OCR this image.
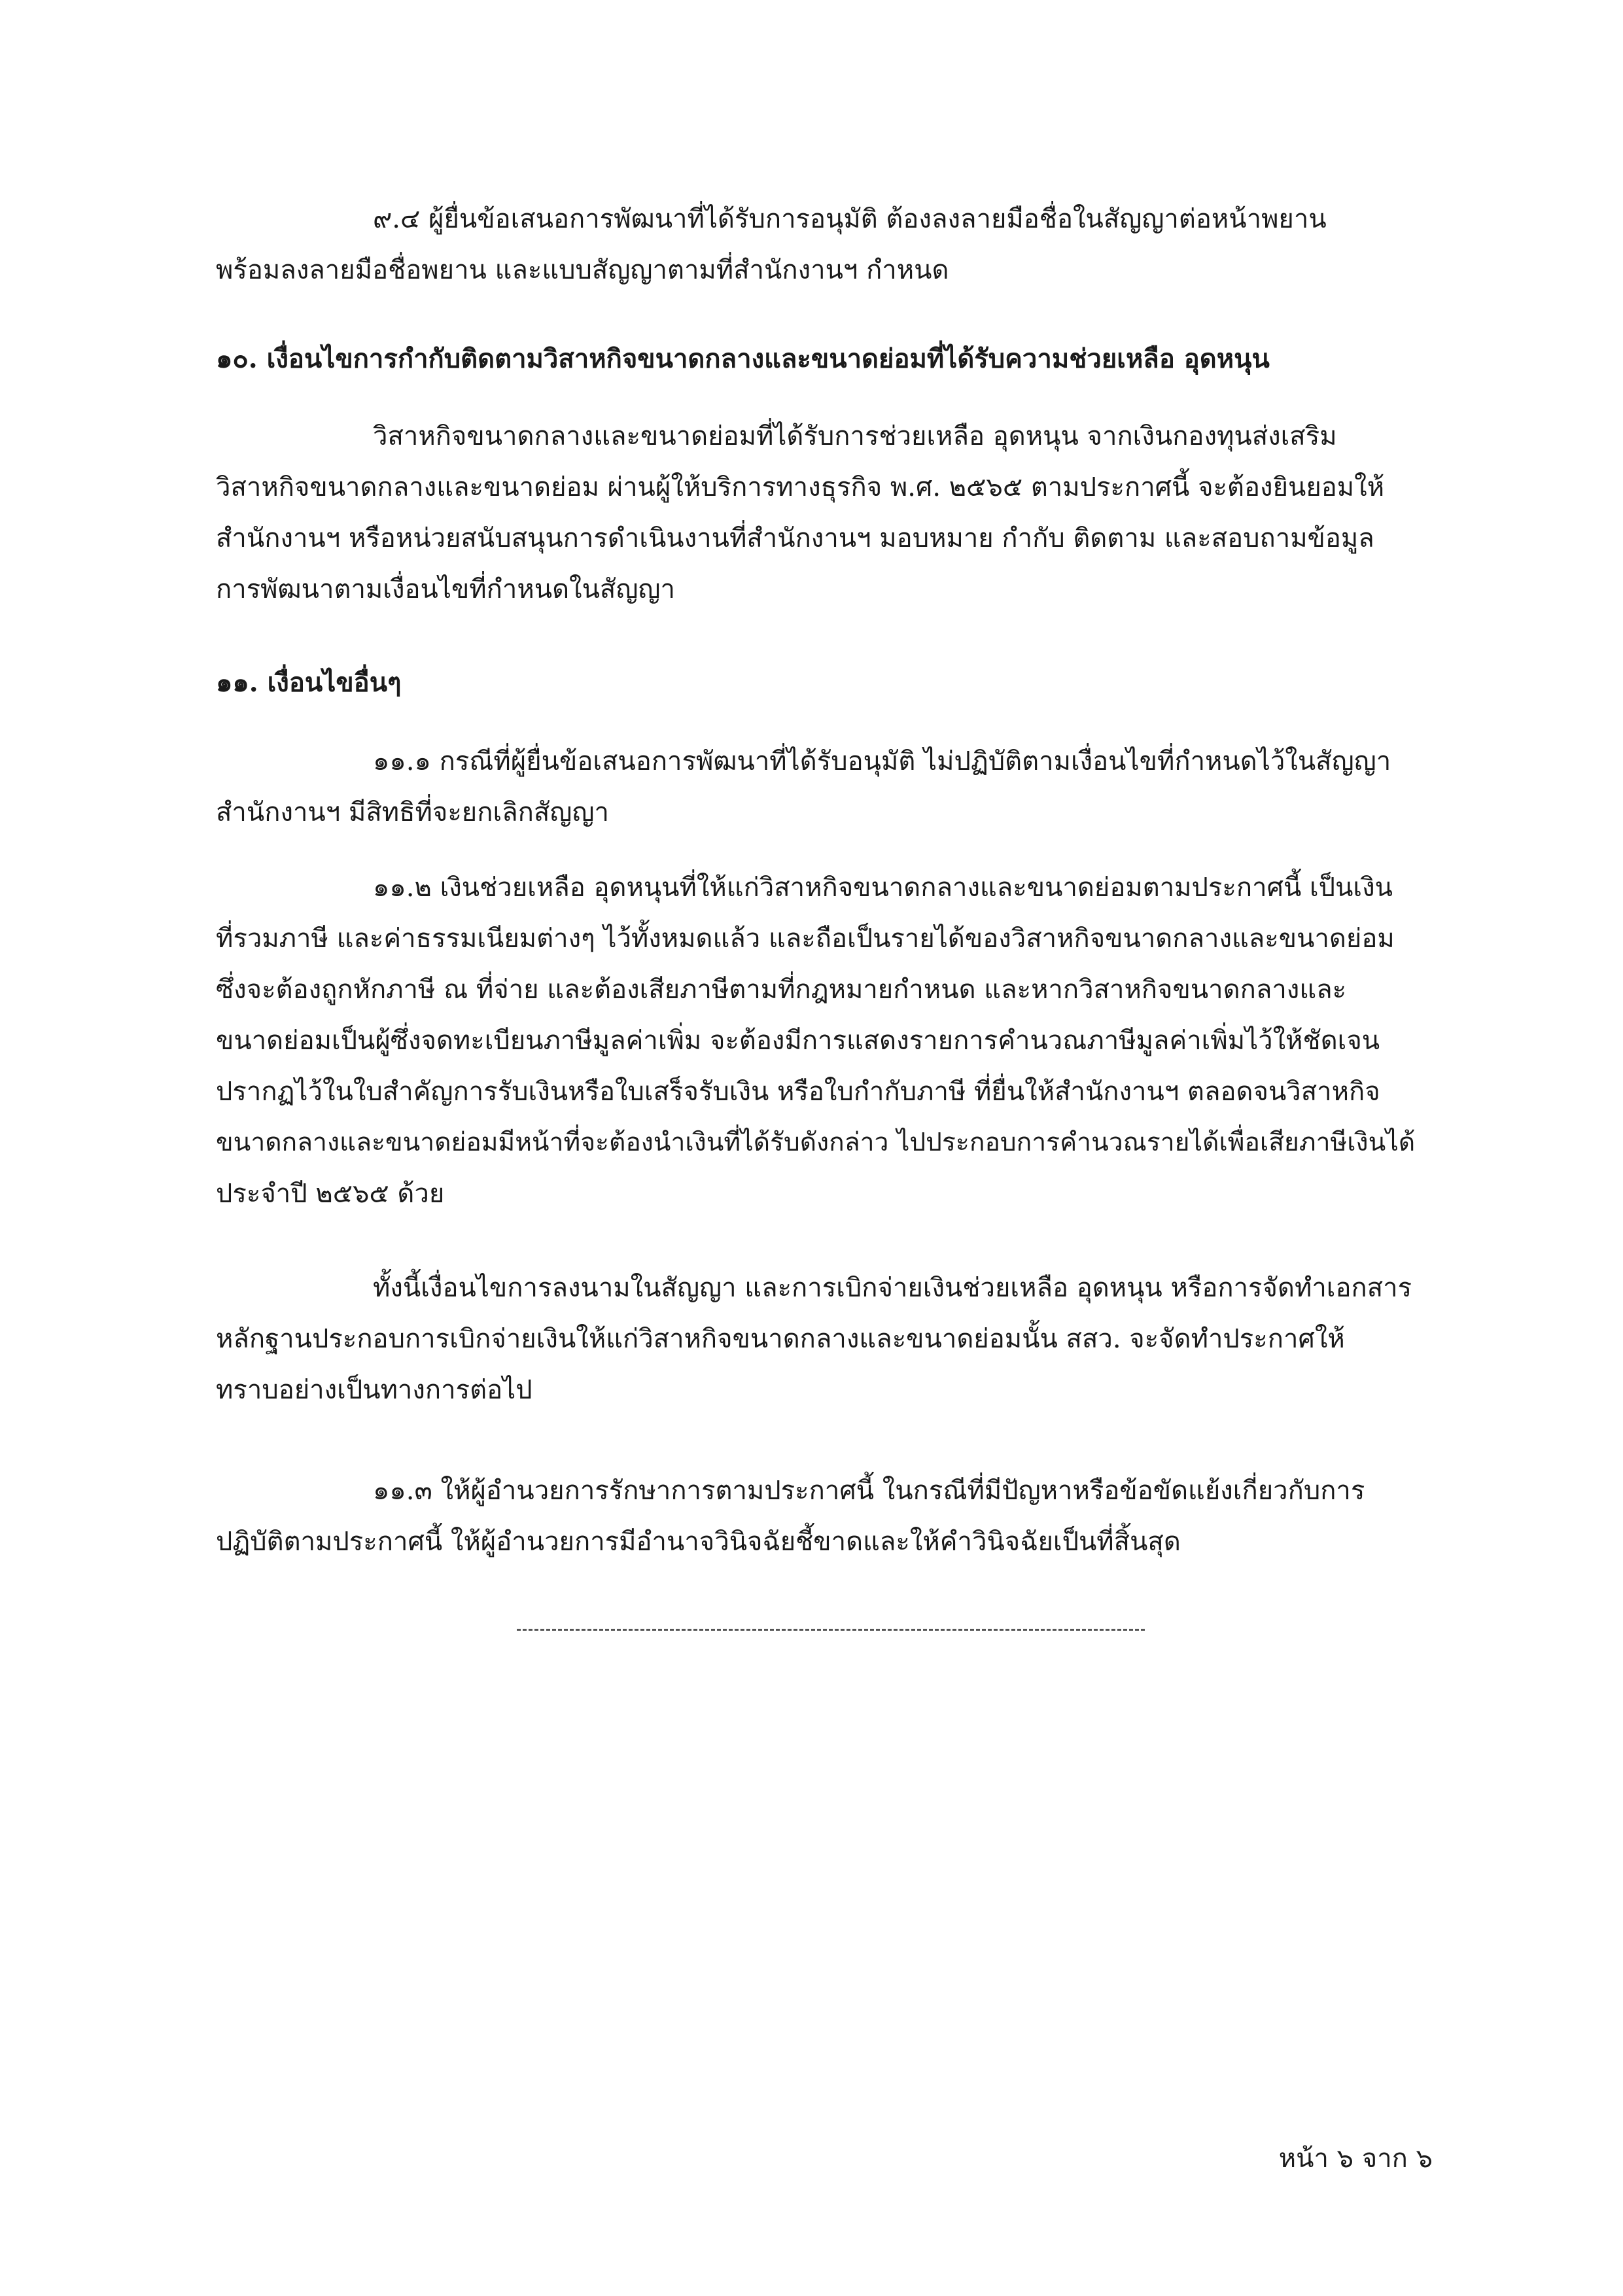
๙.๔ ผู้ยื่นข้อเสนอการพัฒนาที่ได้รับการอนุมัติ ต้องลงลายมือชื่อในสัญญาต่อหน้าพยาน
พร้อมลงลายมือชื่อพยาน และแบบสัญญาตามที่สำนักงานฯ กำหนด
๑๐. เงื่อนไขการกำกับติดตามวิสาหกิจขนาดกลางและขนาดย่อมที่ได้รับความช่วยเหลือ อุดหนุน
วิสาหกิจขนาดกลางและขนาดย่อมที่ได้รับการช่วยเหลือ อุดหนุน จากเงินกองทุนส่งเสริม
วิสาหกิจขนาดกลางและขนาดย่อม ผ่านผู้ให้บริการทางธุรกิจ พ.ศ. ๒๕๖๕ ตามประกาศนี้ จะต้องยินยอมให้
สำนักงานฯ หรือหน่วยสนับสนุนการดำเนินงานที่สำนักงานฯ มอบหมาย กำกับ ติดตาม และสอบถามข้อมูล
การพัฒนาตามเงื่อนไขที่กำหนดในสัญญา
๑๑. เงื่อนไขอื่นๆ
๑๑.๑ กรณีที่ผู้ยื่นข้อเสนอการพัฒนาที่ได้รับอนุมัติ ไม่ปฏิบัติตามเงื่อนไขที่กำหนดไว้ในสัญญา
สำนักงานฯ มีสิทธิที่จะยกเลิกสัญญา
๑๑.๒ เงินช่วยเหลือ อุดหนุนที่ให้แก่วิสาหกิจขนาดกลางและขนาดย่อมตามประกาศนี้ เป็นเงิน
ที่รวมภาษี และค่าธรรมเนียมต่างๆ ไว้ทั้งหมดแล้ว และถือเป็นรายได้ของวิสาหกิจขนาดกลางและขนาดย่อม
ซึ่งจะต้องถูกหักภาษี ณ ที่จ่าย และต้องเสียภาษีตามที่กฎหมายกำหนด และหากวิสาหกิจขนาดกลางและ
ขนาดย่อมเป็นผู้ซึ่งจดทะเบียนภาษีมูลค่าเพิ่ม จะต้องมีการแสดงรายการคำนวณภาษีมูลค่าเพิ่มไว้ให้ชัดเจน
ปรากฏไว้ในใบสำคัญการรับเงินหรือใบเสร็จรับเงิน หรือใบกำกับภาษี ที่ยื่นให้สำนักงานฯ ตลอดจนวิสาหกิจ
ขนาดกลางและขนาดย่อมมีหน้าที่จะต้องนำเงินที่ได้รับดังกล่าว ไปประกอบการคำนวณรายได้เพื่อเสียภาษีเงินได้
ประจำปี ๒๕๖๕ ด้วย
ทั้งนี้เงื่อนไขการลงนามในสัญญา และการเบิกจ่ายเงินช่วยเหลือ อุดหนุน หรือการจัดทำเอกสาร
หลักฐานประกอบการเบิกจ่ายเงินให้แก่วิสาหกิจขนาดกลางและขนาดย่อมนั้น สสว. จะจัดทำประกาศให้
ทราบอย่างเป็นทางการต่อไป
๑๑.๓ ให้ผู้อำนวยการรักษาการตามประกาศนี้ ในกรณีที่มีปัญหาหรือข้อขัดแย้งเกี่ยวกับการ
ปฏิบัติตามประกาศนี้ ให้ผู้อำนวยการมีอำนาจวินิจฉัยชี้ขาดและให้คำวินิจฉัยเป็นที่สิ้นสุด
หน้า ๖ จาก ๖
